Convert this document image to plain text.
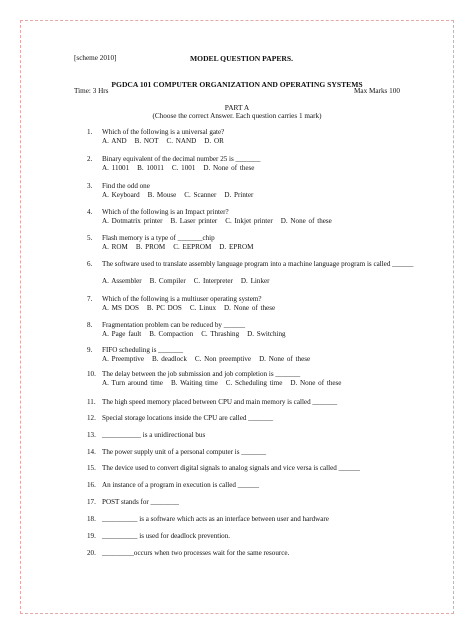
[scheme 2010]	MODEL QUESTION PAPERS.
PGDCA 101 COMPUTER ORGANIZATION AND OPERATING SYSTEMS
Time: 3 Hrs	Max Marks 100
PART A
(Choose the correct Answer. Each question carries 1 mark)
1. Which of the following is a universal gate?
A. AND B. NOT C. NAND D. OR
2. Binary equivalent of the decimal number 25 is _______
A. 11001 B. 10011 C. 1001 D. None of these
3. Find the odd one
A. Keyboard B. Mouse C. Scanner D. Printer
4. Which of the following is an Impact printer?
A. Dotmatrix printer B. Laser printer C. Inkjet printer D. None of these
5. Flash memory is a type of _______chip
A. ROM B. PROM C. EEPROM D. EPROM
6. The software used to translate assembly language program into a machine language program is called ______
A. Assembler B. Compiler C. Interpreter D. Linker
7. Which of the following is a multiuser operating system?
A. MS DOS B. PC DOS C. Linux D. None of these
8. Fragmentation problem can be reduced by ______
A. Page fault B. Compaction C. Thrashing D. Switching
9. FIFO scheduling is _______
A. Preemptive B. deadlock C. Non preemptive D. None of these
10. The delay between the job submission and job completion is _______
A. Turn around time B. Waiting time C. Scheduling time D. None of these
11. The high speed memory placed between CPU and main memory is called _______
12. Special storage locations inside the CPU are called _______
13. ___________ is a unidirectional bus
14. The power supply unit of a personal computer is _______
15. The device used to convert digital signals to analog signals and vice versa is called ______
16. An instance of a program in execution is called ______
17. POST stands for ________
18. __________ is a software which acts as an interface between user and hardware
19. __________ is used for deadlock prevention.
20. _________occurs when two processes wait for the same resource.
